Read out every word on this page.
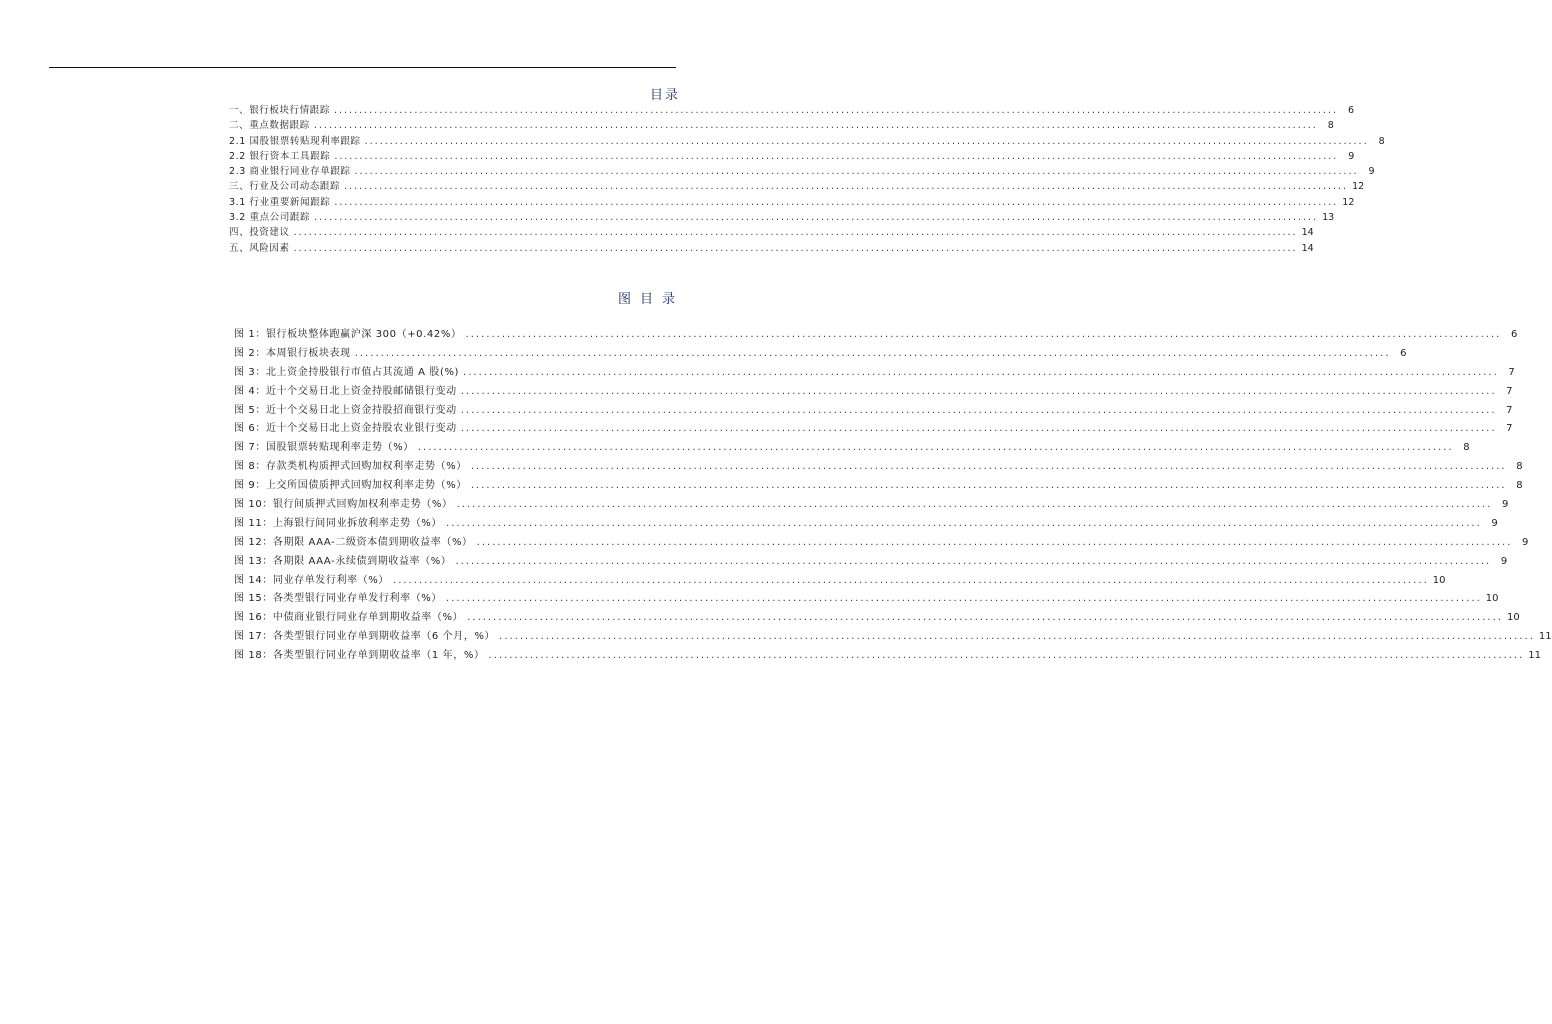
目录
一、银行板块行情跟踪 ........................................................................................................................................................................................................	6
二、重点数据跟踪 ........................................................................................................................................................................................................	8
2.1 国股银票转贴现利率跟踪 ........................................................................................................................................................................................................	8
2.2 银行资本工具跟踪 ........................................................................................................................................................................................................	9
2.3 商业银行同业存单跟踪 ........................................................................................................................................................................................................	9
三、行业及公司动态跟踪 ........................................................................................................................................................................................................ 12
3.1 行业重要新闻跟踪 ........................................................................................................................................................................................................ 12
3.2 重点公司跟踪 ........................................................................................................................................................................................................ 13
四、投资建议 ........................................................................................................................................................................................................ 14
五、风险因素 ........................................................................................................................................................................................................ 14
图目录
图 1：银行板块整体跑赢沪深 300（+0.42%） ........................................................................................................................................................................................................ 6
图 2：本周银行板块表现 ........................................................................................................................................................................................................ 6
图 3：北上资金持股银行市值占其流通 A 股(%) ........................................................................................................................................................................................................ 7
图 4：近十个交易日北上资金持股邮储银行变动 ........................................................................................................................................................................................................ 7
图 5：近十个交易日北上资金持股招商银行变动 ........................................................................................................................................................................................................ 7
图 6：近十个交易日北上资金持股农业银行变动 ........................................................................................................................................................................................................ 7
图 7：国股银票转贴现利率走势（%） ........................................................................................................................................................................................................ 8
图 8：存款类机构质押式回购加权利率走势（%） ........................................................................................................................................................................................................ 8
图 9：上交所国债质押式回购加权利率走势（%） ........................................................................................................................................................................................................ 8
图 10：银行间质押式回购加权利率走势（%） ........................................................................................................................................................................................................ 9
图 11：上海银行间同业拆放利率走势（%） ........................................................................................................................................................................................................ 9
图 12：各期限 AAA-二级资本债到期收益率（%） ........................................................................................................................................................................................................ 9
图 13：各期限 AAA-永续债到期收益率（%） ........................................................................................................................................................................................................ 9
图 14：同业存单发行利率（%） ........................................................................................................................................................................................................ 10
图 15：各类型银行同业存单发行利率（%） ........................................................................................................................................................................................................ 10
图 16：中债商业银行同业存单到期收益率（%） ........................................................................................................................................................................................................ 10
图 17：各类型银行同业存单到期收益率（6 个月，%） ........................................................................................................................................................................................................ 11
图 18：各类型银行同业存单到期收益率（1 年，%） ........................................................................................................................................................................................................ 11
